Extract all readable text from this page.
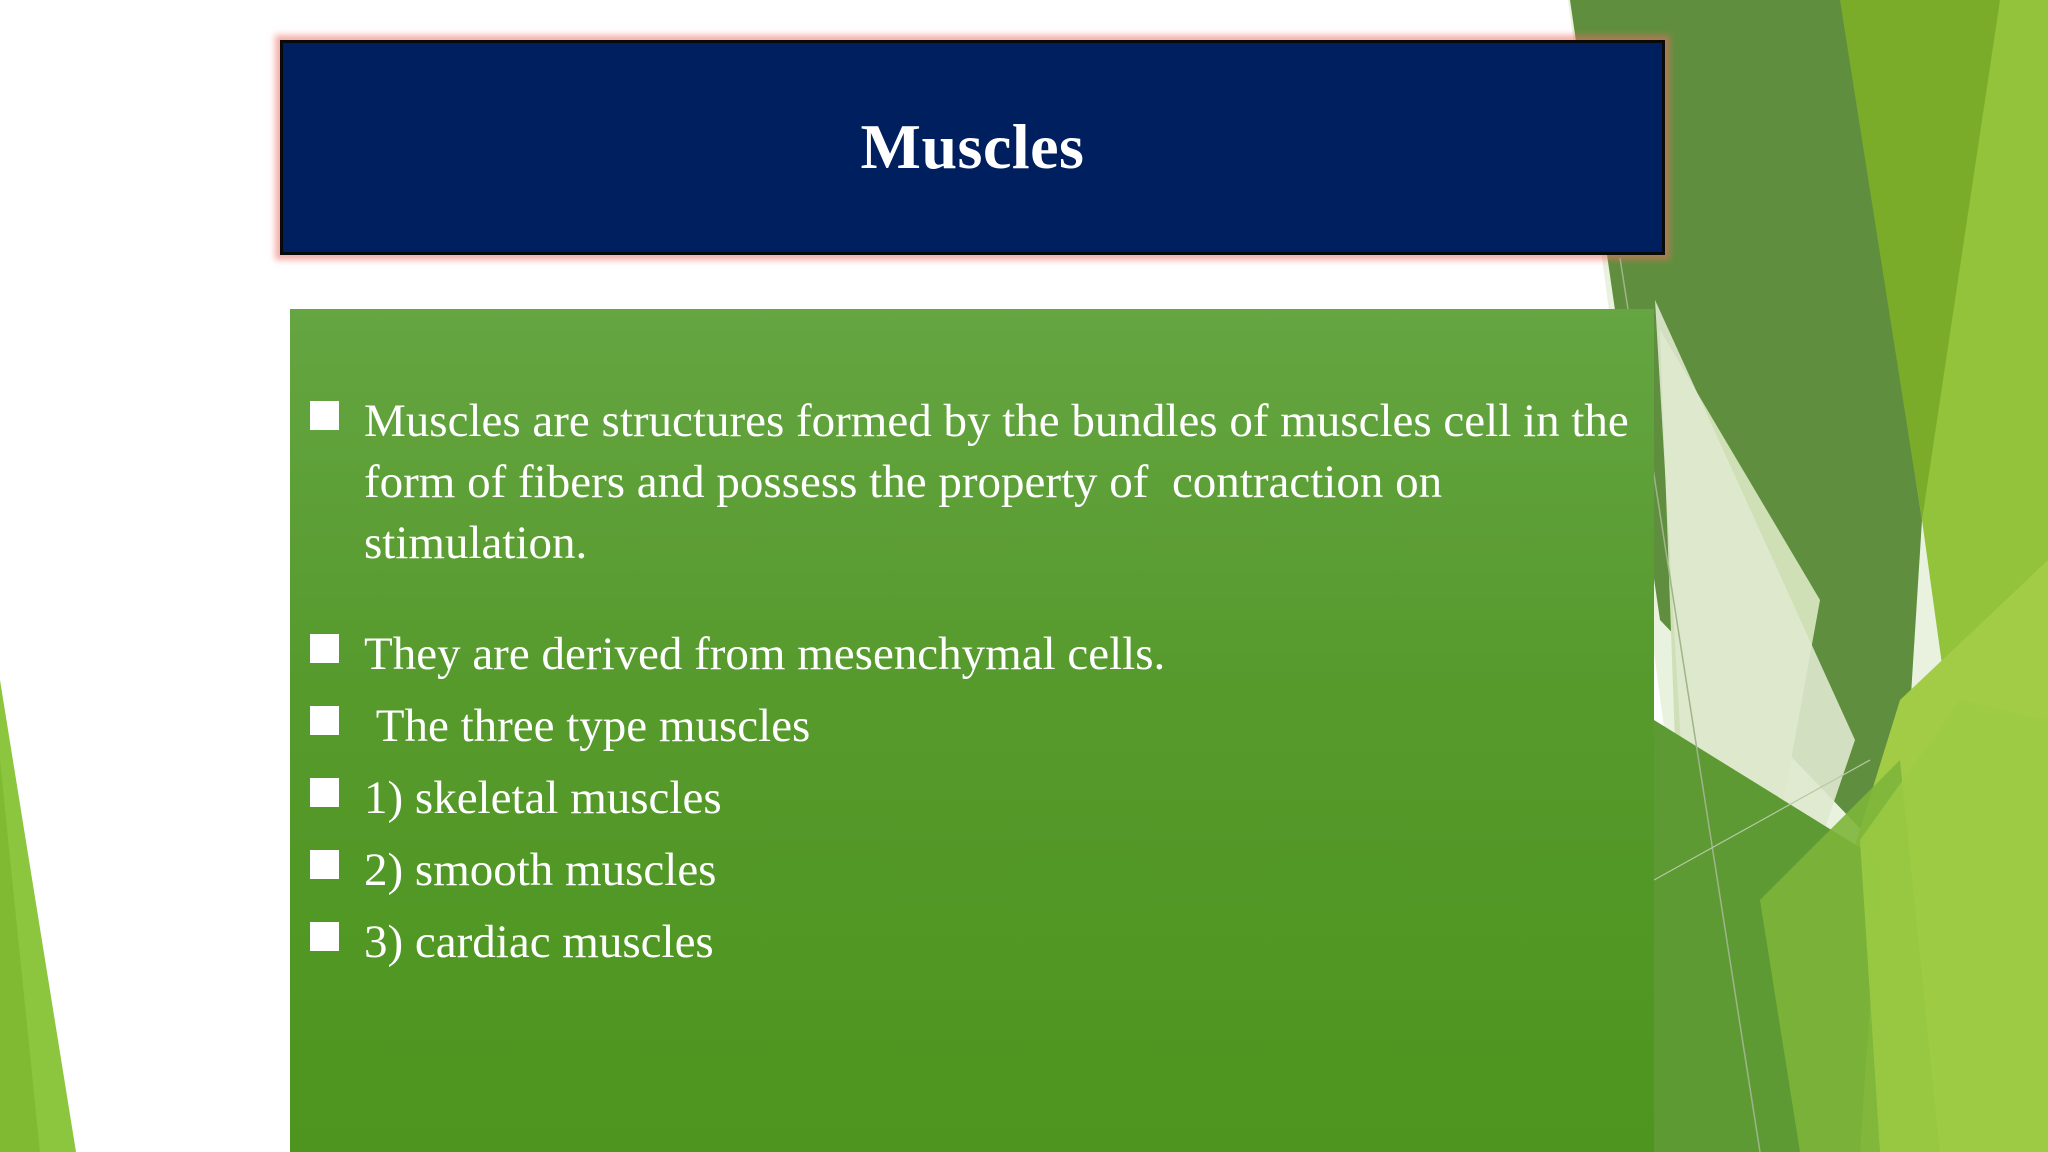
Muscles
Muscles are structures formed by the bundles of muscles cell in the form of fibers and possess the property of  contraction on stimulation.
They are derived from mesenchymal cells.
The three type muscles
1) skeletal muscles
2) smooth muscles
3) cardiac muscles
